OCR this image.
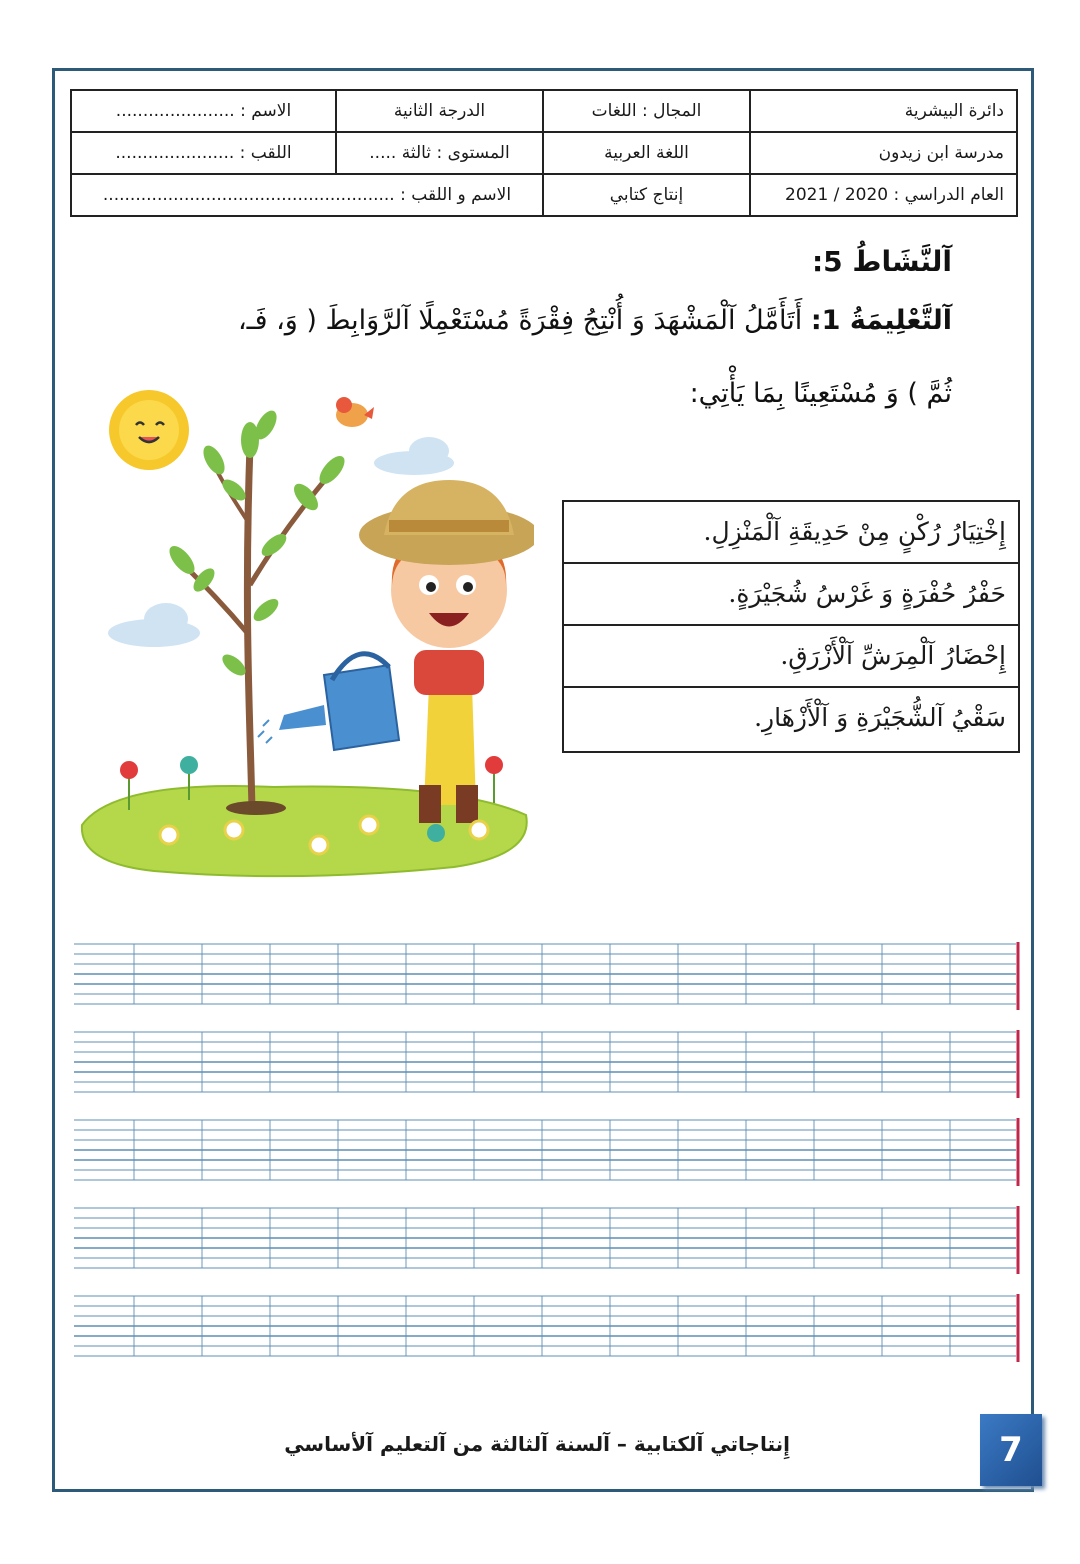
دائرة البيشرية	المجال : اللغات	الدرجة الثانية	الاسم : ......................
مدرسة ابن زيدون	اللغة العربية	المستوى : ثالثة .....	اللقب : ......................
العام الدراسي : 2020 / 2021	إنتاج كتابي	الاسم و اللقب : ......................................................	
آلنَّشَاطُ 5:
آلتَّعْلِيمَةُ 1: أَتَأَمَّلُ آلْمَشْهَدَ وَ أُنْتِجُ فِقْرَةً مُسْتَعْمِلًا آلرَّوَابِطَ ( وَ، فَـ،
ثُمَّ ) وَ مُسْتَعِينًا بِمَا يَأْتِي:
إِخْتِيَارُ رُكْنٍ مِنْ حَدِيقَةِ آلْمَنْزِلِ.
حَفْرُ حُفْرَةٍ وَ غَرْسُ شُجَيْرَةٍ.
إِحْضَارُ آلْمِرَشِّ آلْأَزْرَقِ.
سَقْيُ آلشُّجَيْرَةِ وَ آلْأَزْهَارِ.
إِنتاجاتي آلكتابية – آلسنة آلثالثة من آلتعليم آلأساسي	7
